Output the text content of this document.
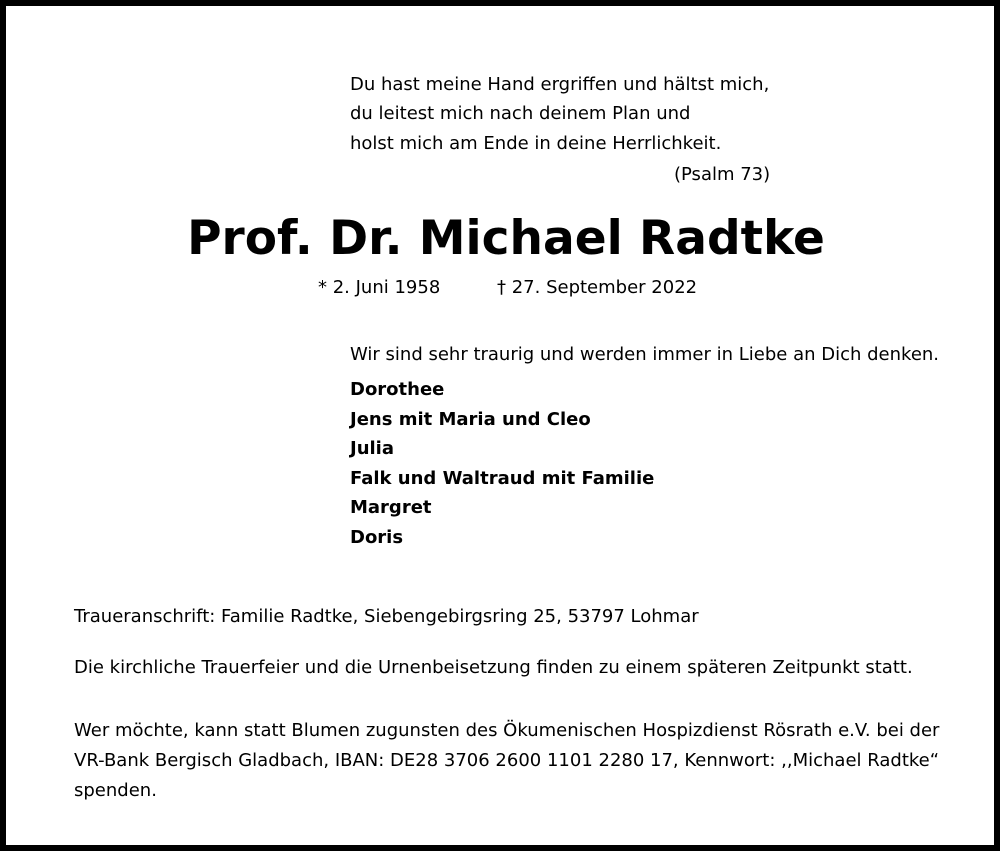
Du hast meine Hand ergriffen und hältst mich,
du leitest mich nach deinem Plan und
holst mich am Ende in deine Herrlichkeit.
(Psalm 73)
Prof. Dr. Michael Radtke
* 2. Juni 1958	† 27. September 2022
Wir sind sehr traurig und werden immer in Liebe an Dich denken.
Dorothee
Jens mit Maria und Cleo
Julia
Falk und Waltraud mit Familie
Margret
Doris
Traueranschrift: Familie Radtke, Siebengebirgsring 25, 53797 Lohmar
Die kirchliche Trauerfeier und die Urnenbeisetzung finden zu einem späteren Zeitpunkt statt.
Wer möchte, kann statt Blumen zugunsten des Ökumenischen Hospizdienst Rösrath e.V. bei der
VR-Bank Bergisch Gladbach, IBAN: DE28 3706 2600 1101 2280 17, Kennwort: ,,Michael Radtke“
spenden.
